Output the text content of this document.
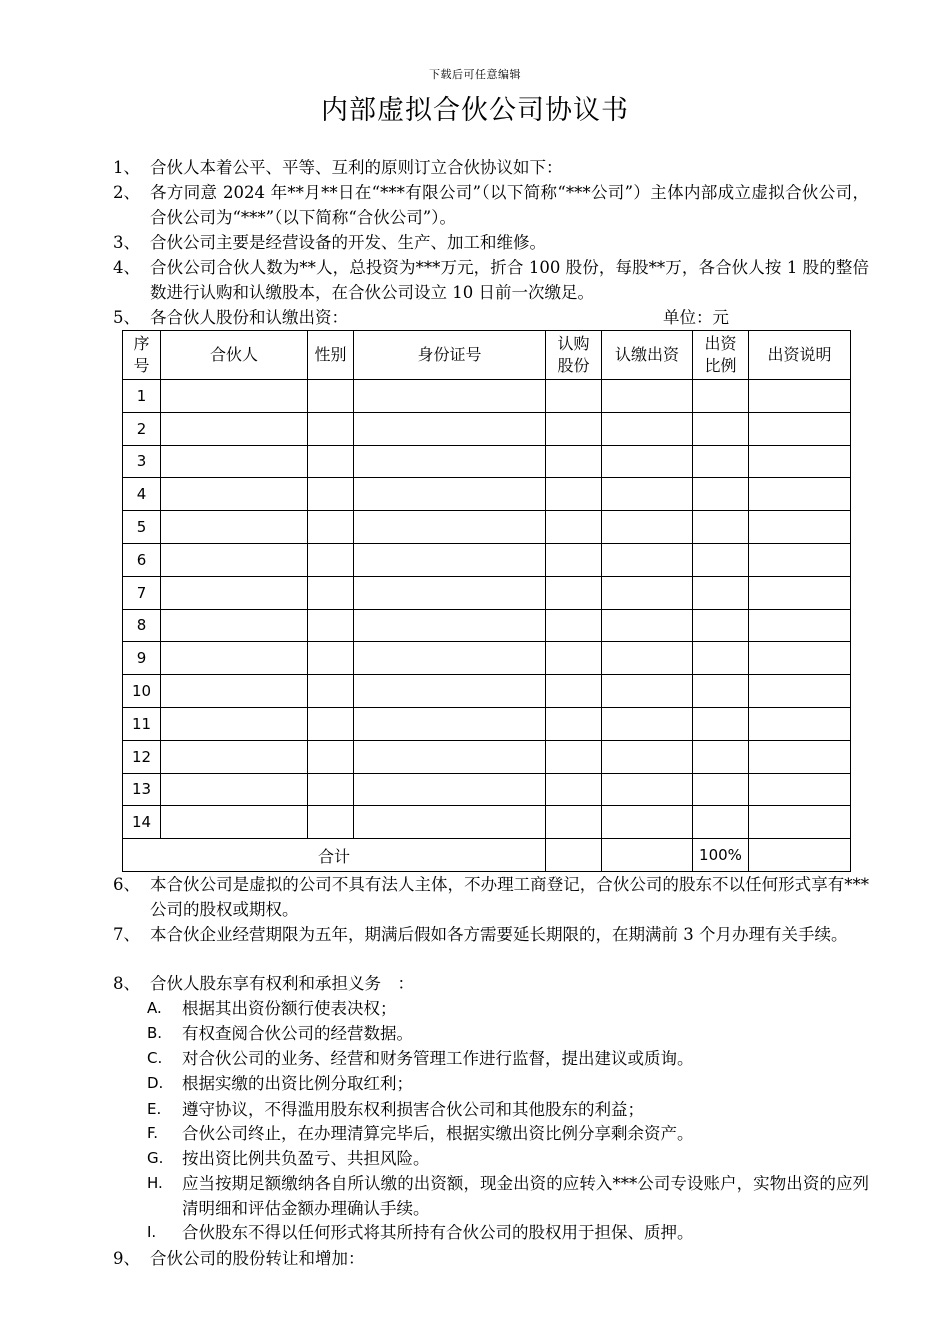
下载后可任意编辑
内部虚拟合伙公司协议书
1、 合伙人本着公平、平等、互利的原则订立合伙协议如下：
2、 各方同意 2024 年**月**日在“***有限公司”（以下简称“***公司”）主体内部成立虚拟合伙公司，合伙公司为“***”（以下简称“合伙公司”）。
3、 合伙公司主要是经营设备的开发、生产、加工和维修。
4、 合伙公司合伙人数为**人，总投资为***万元，折合 100 股份，每股**万，各合伙人按 1 股的整倍数进行认购和认缴股本，在合伙公司设立 10 日前一次缴足。
5、 各合伙人股份和认缴出资：	单位：元
序号	合伙人	性别	身份证号	认购股份	认缴出资	出资比例	出资说明
1							
2							
3							
4							
5							
6							
7							
8							
9							
10							
11							
12							
13							
14							
合计						100%	
6、 本合伙公司是虚拟的公司不具有法人主体，不办理工商登记，合伙公司的股东不以任何形式享有***公司的股权或期权。
7、 本合伙企业经营期限为五年，期满后假如各方需要延长期限的，在期满前 3 个月办理有关手续。
8、 合伙人股东享有权利和承担义务　：
A. 根据其出资份额行使表决权；
B. 有权查阅合伙公司的经营数据。
C. 对合伙公司的业务、经营和财务管理工作进行监督，提出建议或质询。
D. 根据实缴的出资比例分取红利；
E. 遵守协议，不得滥用股东权利损害合伙公司和其他股东的利益；
F. 合伙公司终止，在办理清算完毕后，根据实缴出资比例分享剩余资产。
G. 按出资比例共负盈亏、共担风险。
H. 应当按期足额缴纳各自所认缴的出资额，现金出资的应转入***公司专设账户，实物出资的应列清明细和评估金额办理确认手续。
I. 合伙股东不得以任何形式将其所持有合伙公司的股权用于担保、质押。
9、 合伙公司的股份转让和增加：
